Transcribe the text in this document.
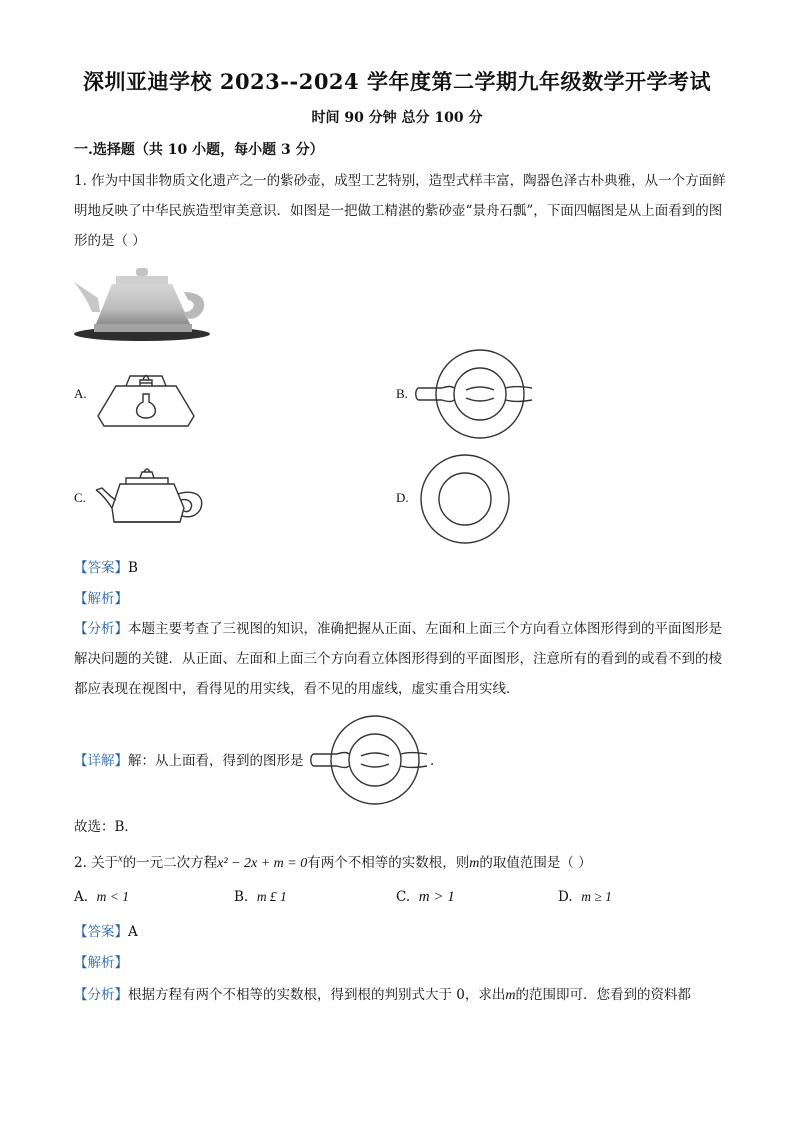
深圳亚迪学校 2023--2024 学年度第二学期九年级数学开学考试
时间 90 分钟 总分 100 分
一.选择题（共 10 小题，每小题 3 分）
1. 作为中国非物质文化遗产之一的紫砂壶，成型工艺特别，造型式样丰富，陶器色泽古朴典雅，从一个方面鲜明地反映了中华民族造型审美意识．如图是一把做工精湛的紫砂壶“景舟石瓢”，下面四幅图是从上面看到的图形的是（ ）
A.	B.
C.	D.
【答案】B
【解析】
【分析】本题主要考查了三视图的知识，准确把握从正面、左面和上面三个方向看立体图形得到的平面图形是解决问题的关键．从正面、左面和上面三个方向看立体图形得到的平面图形，注意所有的看到的或看不到的棱都应表现在视图中，看得见的用实线，看不见的用虚线，虚实重合用实线．
【详解】解：从上面看，得到的图形是	．
故选：B．
2. 关于$^x$的一元二次方程x² − 2x + m = 0有两个不相等的实数根，则m的取值范围是（ ）
A. m < 1	B. m £ 1	C. m > 1	D. m ≥ 1
【答案】A
【解析】
【分析】根据方程有两个不相等的实数根，得到根的判别式大于 0，求出m的范围即可．您看到的资料都
